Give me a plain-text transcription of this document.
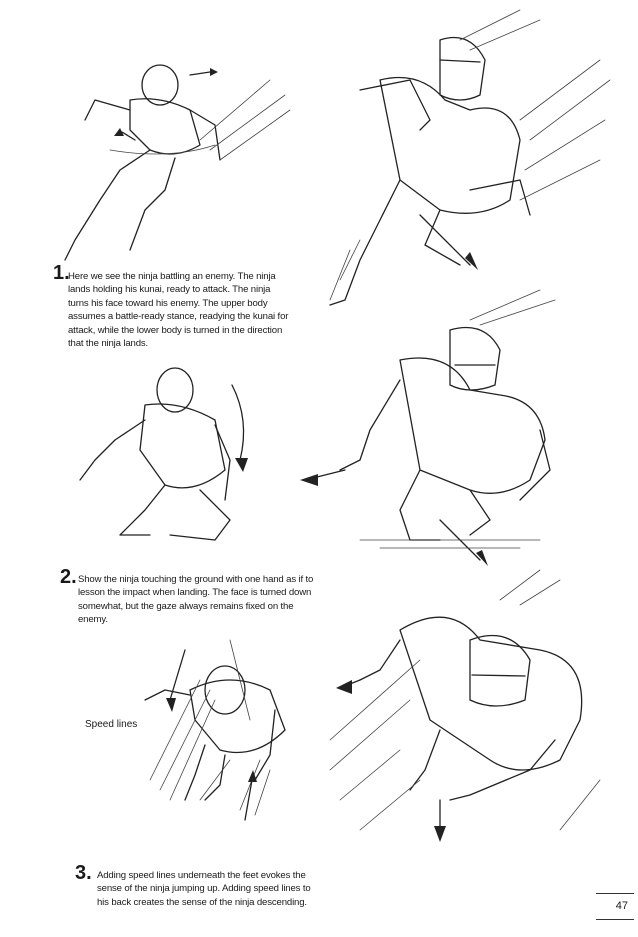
1.
Here we see the ninja battling an enemy. The ninja
lands holding his kunai, ready to attack. The ninja
turns his face toward his enemy. The upper body
assumes a battle-ready stance, readying the kunai for
attack, while the lower body is turned in the direction
that the ninja lands.
2. Show the ninja touching the ground with one hand as if to
lesson the impact when landing. The face is turned down
somewhat, but the gaze always remains fixed on the
enemy.
Speed lines
3. Adding speed lines underneath the feet evokes the
sense of the ninja jumping up. Adding speed lines to
his back creates the sense of the ninja descending.	47
